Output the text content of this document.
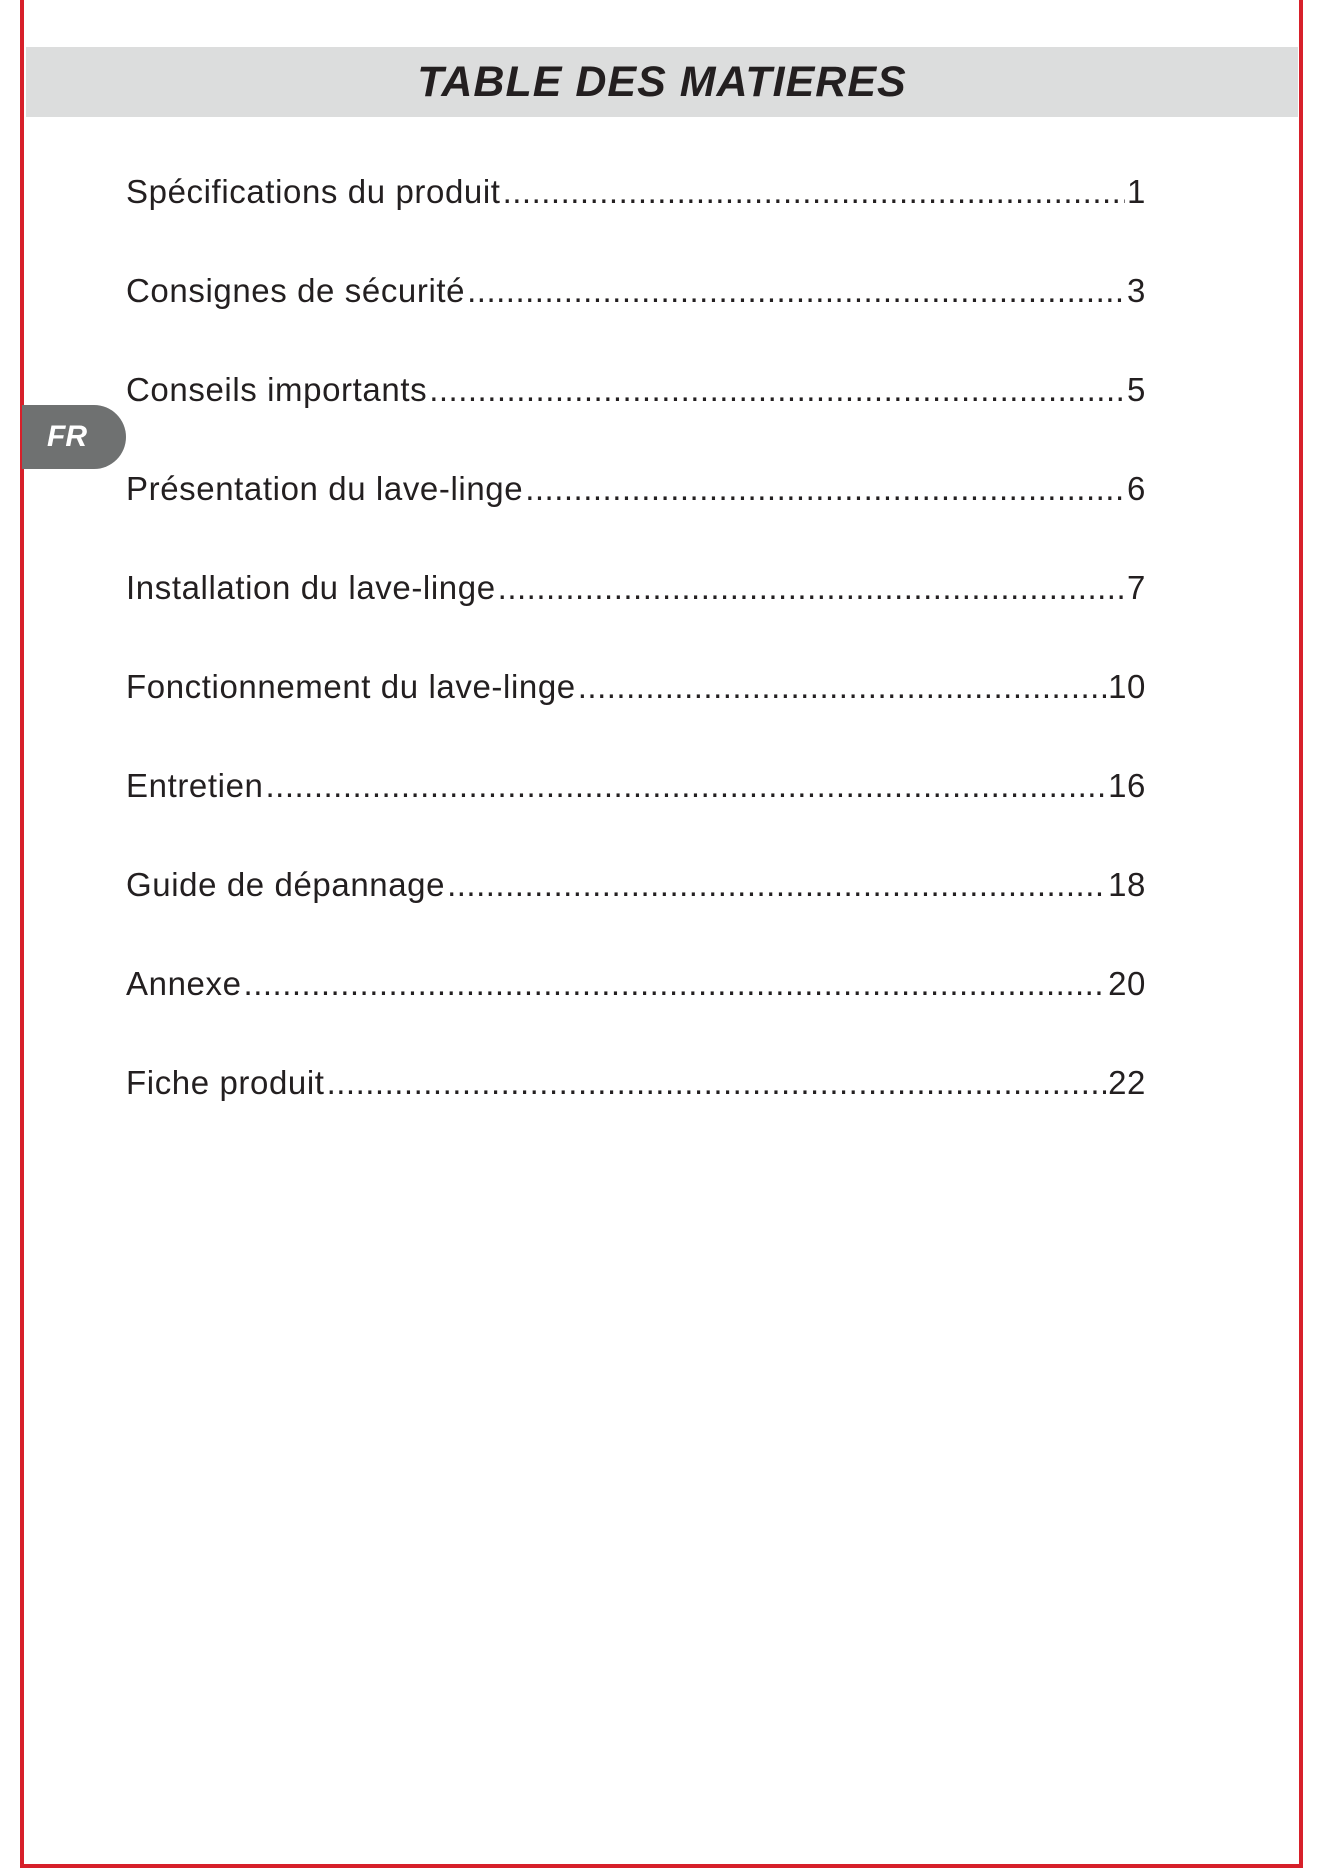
TABLE DES MATIERES
FR
Spécifications du produit .....	1
Consignes de sécurité .....	3
Conseils importants .....	5
Présentation du lave-linge .....	6
Installation du lave-linge .....	7
Fonctionnement du lave-linge .....	10
Entretien .....	16
Guide de dépannage .....	18
Annexe .....	20
Fiche produit .....	22
